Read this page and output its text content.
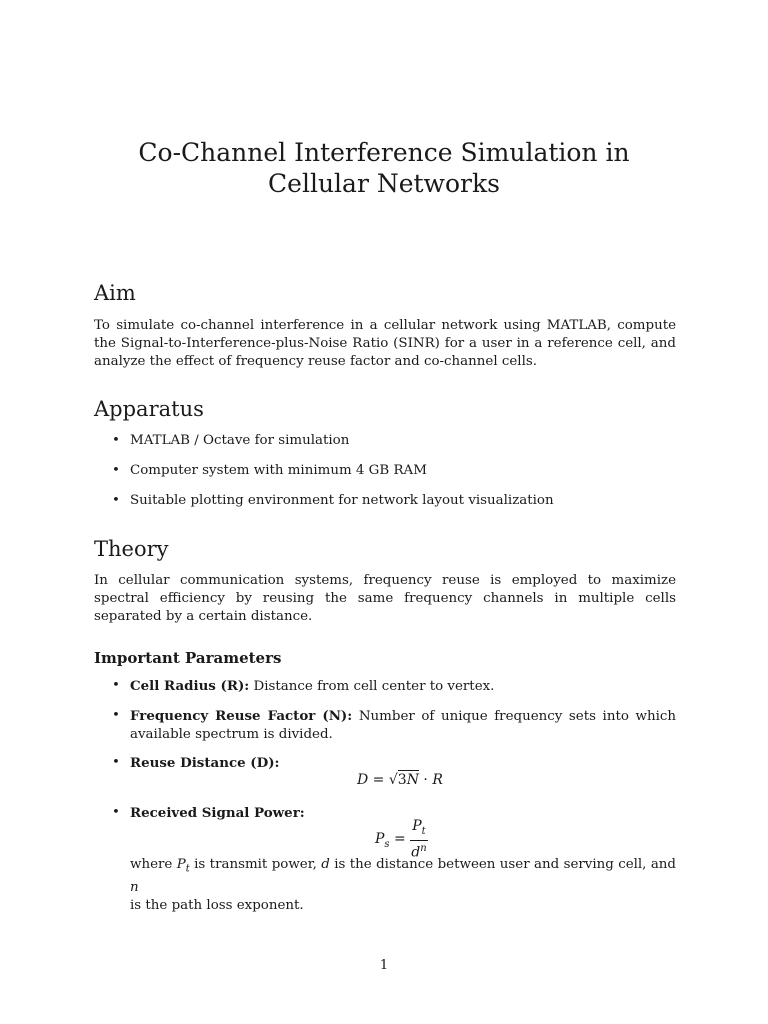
Co-Channel Interference Simulation in Cellular Networks
Aim

To simulate co-channel interference in a cellular network using MATLAB, compute the Signal-to-Interference-plus-Noise Ratio (SINR) for a user in a reference cell, and analyze the effect of frequency reuse factor and co-channel cells.

Apparatus
• MATLAB / Octave for simulation
• Computer system with minimum 4 GB RAM
• Suitable plotting environment for network layout visualization
Theory

In cellular communication systems, frequency reuse is employed to maximize spectral efficiency by reusing the same frequency channels in multiple cells separated by a certain distance.

Important Parameters
• Cell Radius (R): Distance from cell center to vertex.
• Frequency Reuse Factor (N): Number of unique frequency sets into which available spectrum is divided.
• Reuse Distance (D):
D = √3N · R
• Received Signal Power:
$P_s = \frac{P_t}{d^n}$

where $P_t$ is transmit power, d is the distance between user and serving cell, and n
is the path loss exponent.

1
